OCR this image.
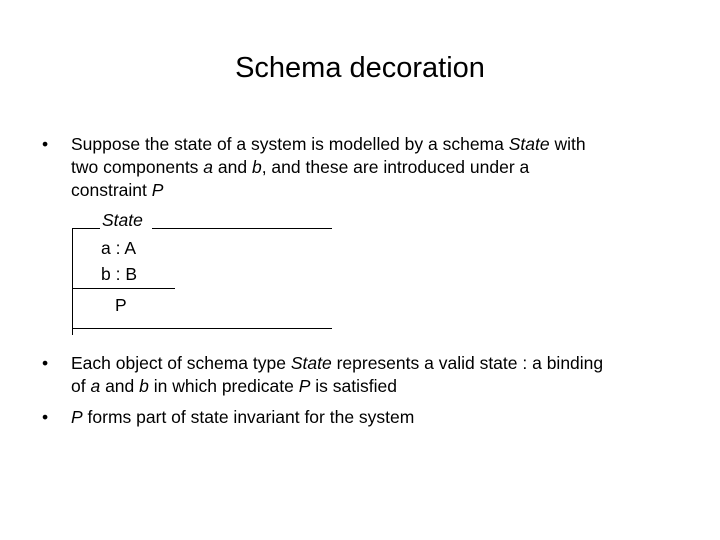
Schema decoration
•	Suppose the state of a system is modelled by a schema State with
two components a and b, and these are introduced under a
constraint P
State
a : A
b : B
P
•	Each object of schema type State represents a valid state : a binding
of a and b in which predicate P is satisfied
•	P forms part of state invariant for the system
